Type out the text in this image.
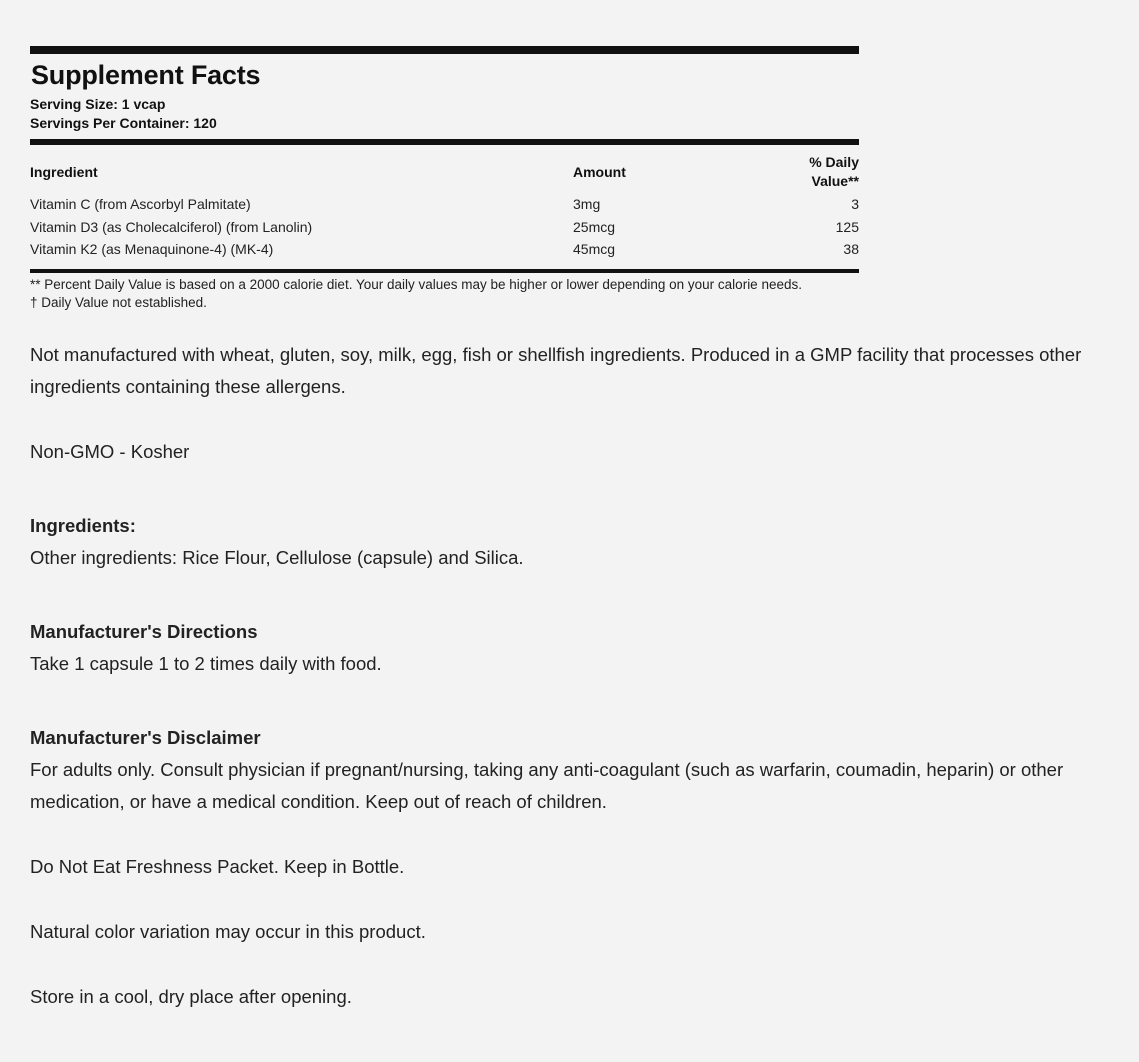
Supplement Facts
Serving Size: 1 vcap
Servings Per Container: 120
Ingredient	Amount	% Daily Value**
Vitamin C (from Ascorbyl Palmitate)	3mg	3
Vitamin D3 (as Cholecalciferol) (from Lanolin)	25mcg	125
Vitamin K2 (as Menaquinone-4) (MK-4)	45mcg	38
** Percent Daily Value is based on a 2000 calorie diet. Your daily values may be higher or lower depending on your calorie needs.
† Daily Value not established.

Not manufactured with wheat, gluten, soy, milk, egg, fish or shellfish ingredients. Produced in a GMP facility that processes other ingredients containing these allergens.

Non-GMO - Kosher

Ingredients:

Other ingredients: Rice Flour, Cellulose (capsule) and Silica.

Manufacturer's Directions

Take 1 capsule 1 to 2 times daily with food.

Manufacturer's Disclaimer

For adults only. Consult physician if pregnant/nursing, taking any anti-coagulant (such as warfarin, coumadin, heparin) or other medication, or have a medical condition. Keep out of reach of children.

Do Not Eat Freshness Packet. Keep in Bottle.

Natural color variation may occur in this product.

Store in a cool, dry place after opening.
